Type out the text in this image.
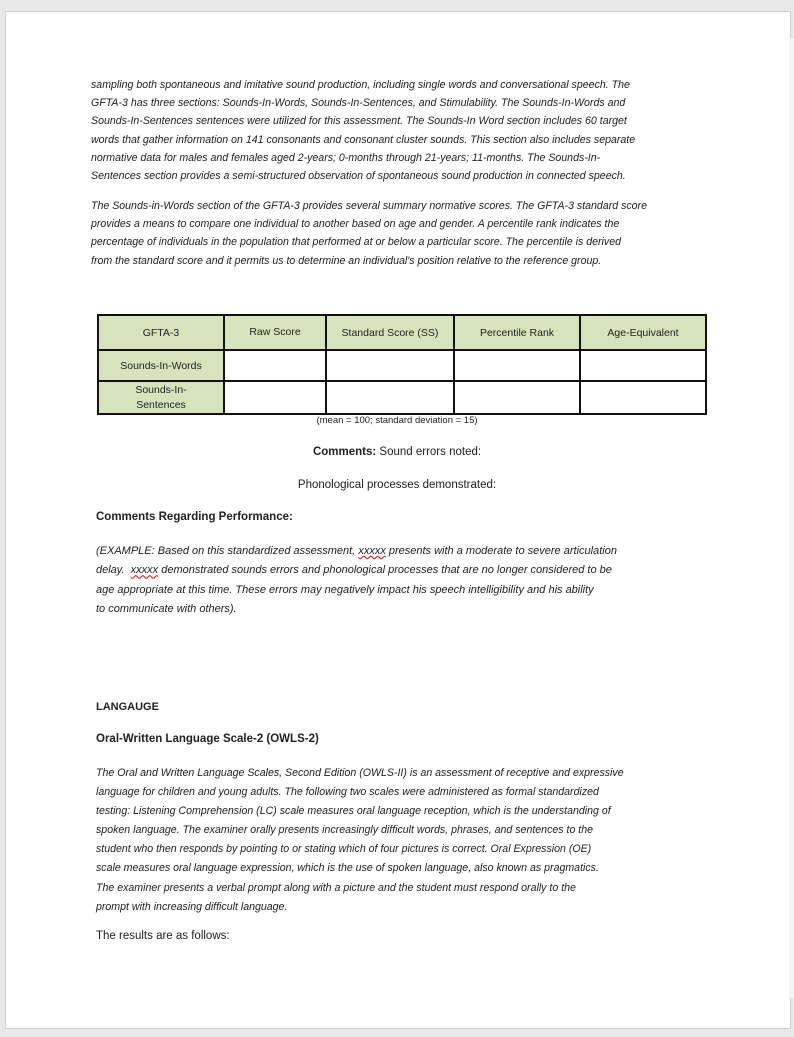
sampling both spontaneous and imitative sound production, including single words and conversational speech. The
GFTA-3 has three sections: Sounds-In-Words, Sounds-In-Sentences, and Stimulability. The Sounds-In-Words and
Sounds-In-Sentences sentences were utilized for this assessment. The Sounds-In Word section includes 60 target
words that gather information on 141 consonants and consonant cluster sounds. This section also includes separate
normative data for males and females aged 2-years; 0-months through 21-years; 11-months. The Sounds-In-
Sentences section provides a semi-structured observation of spontaneous sound production in connected speech.
The Sounds-in-Words section of the GFTA-3 provides several summary normative scores. The GFTA-3 standard score
provides a means to compare one individual to another based on age and gender. A percentile rank indicates the
percentage of individuals in the population that performed at or below a particular score. The percentile is derived
from the standard score and it permits us to determine an individual's position relative to the reference group.
GFTA-3	Raw Score	Standard Score (SS)	Percentile Rank	Age-Equivalent
Sounds-In-Words				
Sounds-In-Sentences				
(mean = 100; standard deviation = 15)
Comments: Sound errors noted:
Phonological processes demonstrated:
Comments Regarding Performance:
(EXAMPLE: Based on this standardized assessment, xxxxx presents with a moderate to severe articulation
delay.  xxxxx demonstrated sounds errors and phonological processes that are no longer considered to be
age appropriate at this time. These errors may negatively impact his speech intelligibility and his ability
to communicate with others).
LANGAUGE
Oral-Written Language Scale-2 (OWLS-2)
The Oral and Written Language Scales, Second Edition (OWLS-II) is an assessment of receptive and expressive
language for children and young adults. The following two scales were administered as formal standardized
testing: Listening Comprehension (LC) scale measures oral language reception, which is the understanding of
spoken language. The examiner orally presents increasingly difficult words, phrases, and sentences to the
student who then responds by pointing to or stating which of four pictures is correct. Oral Expression (OE)
scale measures oral language expression, which is the use of spoken language, also known as pragmatics.
The examiner presents a verbal prompt along with a picture and the student must respond orally to the
prompt with increasing difficult language.
The results are as follows:
